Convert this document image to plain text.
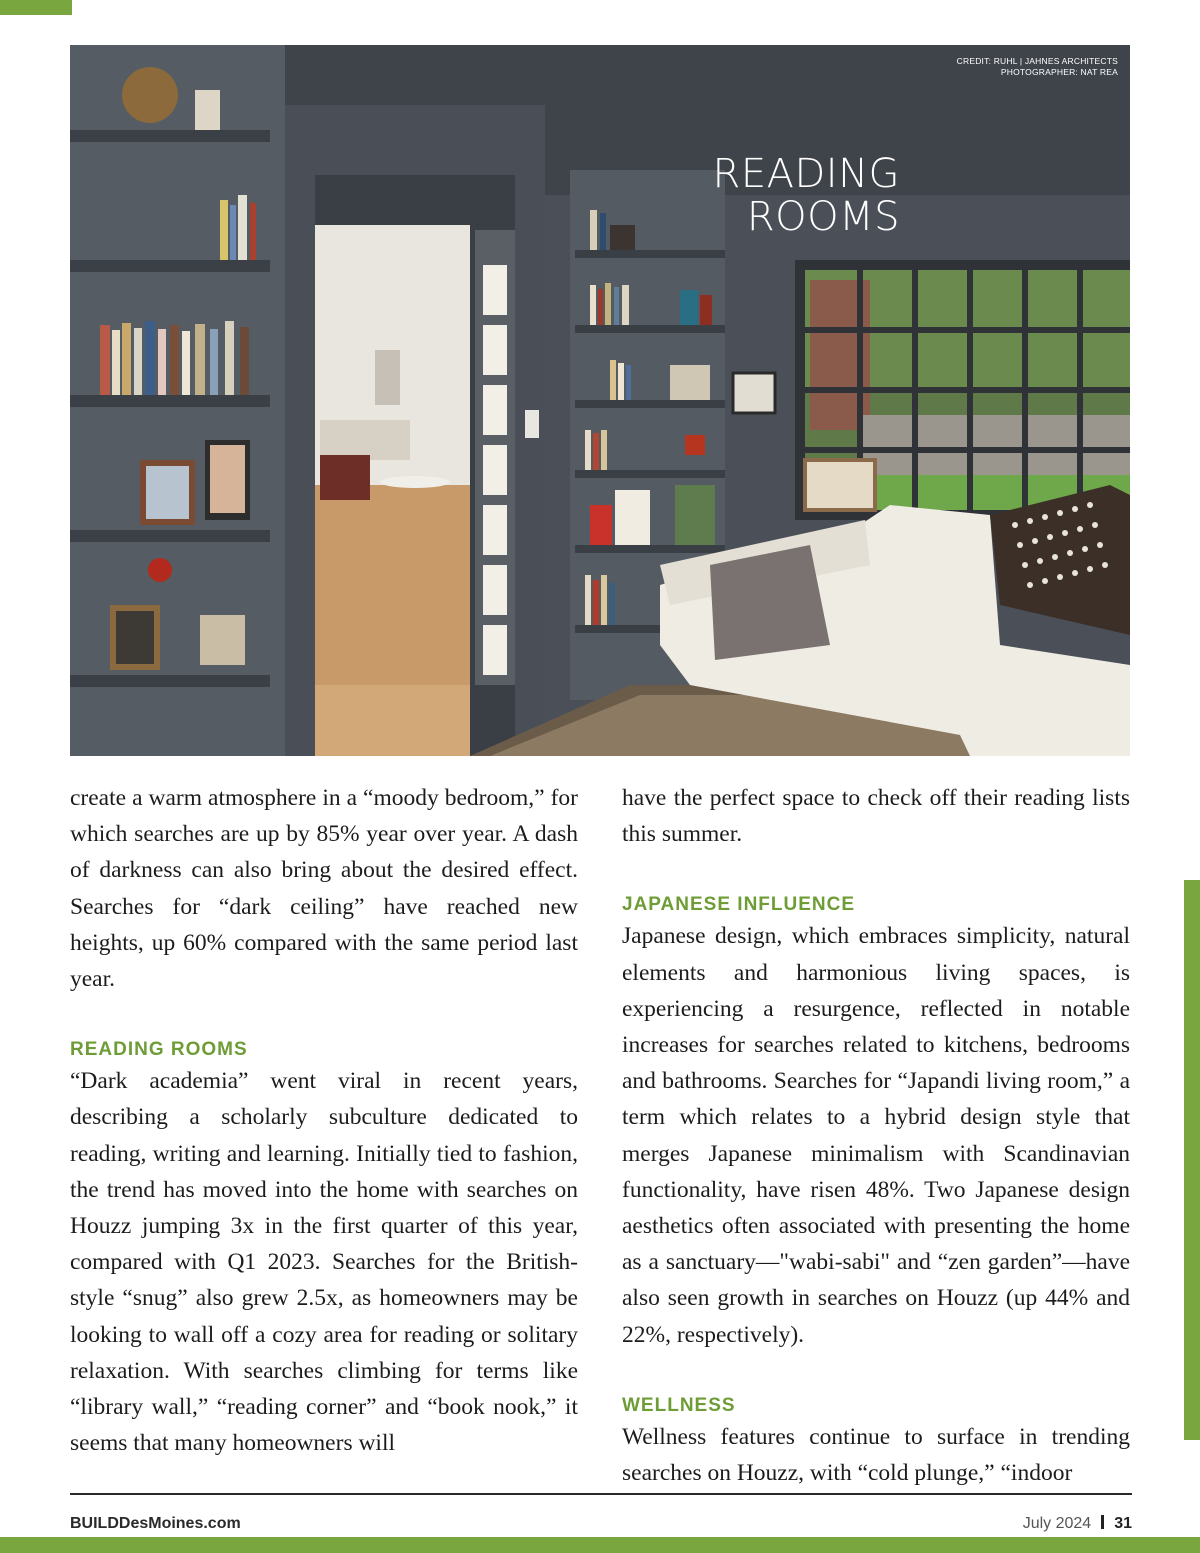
CREDIT: RUHL | JAHNES ARCHITECTS
PHOTOGRAPHER: NAT REA
READING
ROOMS

create a warm atmosphere in a “moody bedroom,” for which searches are up by 85% year over year. A dash of darkness can also bring about the desired effect. Searches for “dark ceiling” have reached new heights, up 60% compared with the same period last year.

READING ROOMS

“Dark academia” went viral in recent years, describing a scholarly subculture dedicated to reading, writing and learning. Initially tied to fashion, the trend has moved into the home with searches on Houzz jumping 3x in the first quarter of this year, compared with Q1 2023. Searches for the British-style “snug” also grew 2.5x, as homeowners may be looking to wall off a cozy area for reading or solitary relaxation. With searches climbing for terms like “library wall,” “reading corner” and “book nook,” it seems that many homeowners will

have the perfect space to check off their reading lists this summer.

JAPANESE INFLUENCE

Japanese design, which embraces simplicity, natural elements and harmonious living spaces, is experiencing a resurgence, reflected in notable increases for searches related to kitchens, bedrooms and bathrooms. Searches for “Japandi living room,” a term which relates to a hybrid design style that merges Japanese minimalism with Scandinavian functionality, have risen 48%. Two Japanese design aesthetics often associated with presenting the home as a sanctuary—"wabi-sabi" and “zen garden”—have also seen growth in searches on Houzz (up 44% and 22%, respectively).

WELLNESS

Wellness features continue to surface in trending searches on Houzz, with “cold plunge,” “indoor

BUILDDesMoines.com	July 2024 31
